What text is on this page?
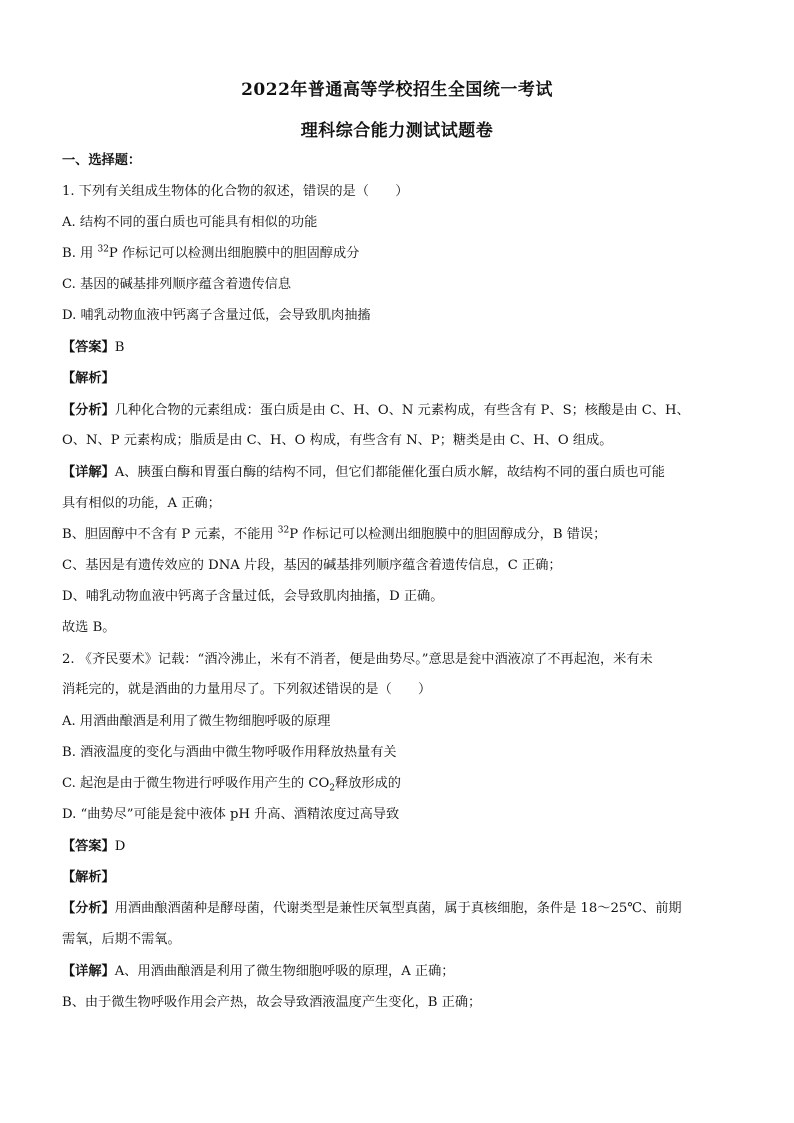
2022年普通高等学校招生全国统一考试
理科综合能力测试试题卷
一、选择题：
1. 下列有关组成生物体的化合物的叙述，错误的是（　　）
A. 结构不同的蛋白质也可能具有相似的功能
B. 用 $^{32}$P 作标记可以检测出细胞膜中的胆固醇成分
C. 基因的碱基排列顺序蕴含着遗传信息
D. 哺乳动物血液中钙离子含量过低，会导致肌肉抽搐
【答案】B
【解析】
【分析】几种化合物的元素组成：蛋白质是由 C、H、O、N 元素构成，有些含有 P、S；核酸是由 C、H、
O、N、P 元素构成；脂质是由 C、H、O 构成，有些含有 N、P；糖类是由 C、H、O 组成。
【详解】A、胰蛋白酶和胃蛋白酶的结构不同，但它们都能催化蛋白质水解，故结构不同的蛋白质也可能
具有相似的功能，A 正确；
B、胆固醇中不含有 P 元素，不能用 $^{32}$P 作标记可以检测出细胞膜中的胆固醇成分，B 错误；
C、基因是有遗传效应的 DNA 片段，基因的碱基排列顺序蕴含着遗传信息，C 正确；
D、哺乳动物血液中钙离子含量过低，会导致肌肉抽搐，D 正确。
故选 B。
2. 《齐民要术》记载：“酒冷沸止，米有不消者，便是曲势尽。”意思是瓮中酒液凉了不再起泡，米有未
消耗完的，就是酒曲的力量用尽了。下列叙述错误的是（　　）
A. 用酒曲酿酒是利用了微生物细胞呼吸的原理
B. 酒液温度的变化与酒曲中微生物呼吸作用释放热量有关
C. 起泡是由于微生物进行呼吸作用产生的 $CO_2$释放形成的
D. “曲势尽”可能是瓮中液体 pH 升高、酒精浓度过高导致
【答案】D
【解析】
【分析】用酒曲酿酒菌种是酵母菌，代谢类型是兼性厌氧型真菌，属于真核细胞，条件是 18～25℃、前期
需氧，后期不需氧。
【详解】A、用酒曲酿酒是利用了微生物细胞呼吸的原理，A 正确；
B、由于微生物呼吸作用会产热，故会导致酒液温度产生变化，B 正确；
